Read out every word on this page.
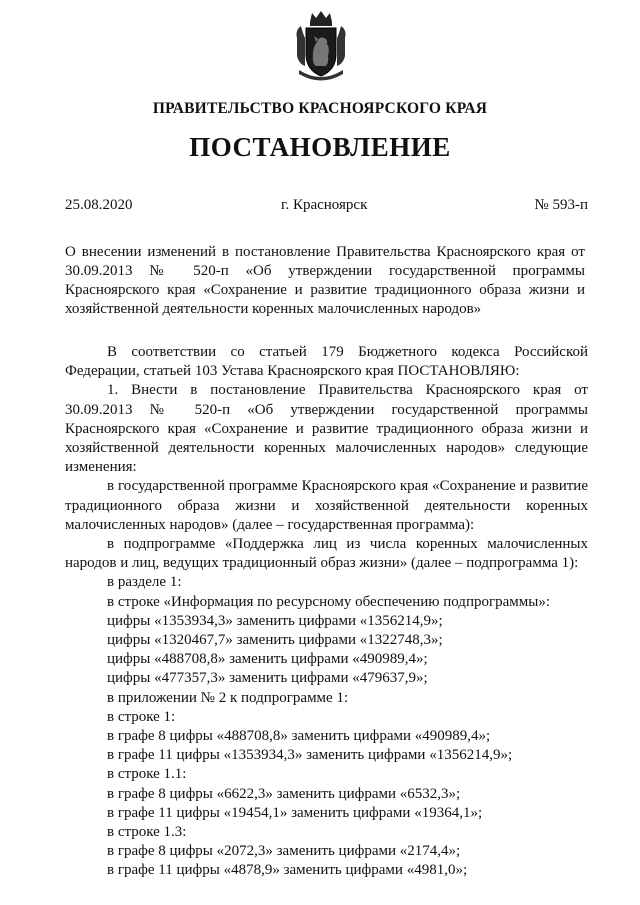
ПРАВИТЕЛЬСТВО КРАСНОЯРСКОГО КРАЯ
ПОСТАНОВЛЕНИЕ
25.08.2020	г. Красноярск	№ 593-п
О внесении изменений в постановление Правительства Красноярского края от 30.09.2013 № 520-п «Об утверждении государственной программы Красноярского края «Сохранение и развитие традиционного образа жизни и хозяйственной деятельности коренных малочисленных народов»

В соответствии со статьей 179 Бюджетного кодекса Российской Федерации, статьей 103 Устава Красноярского края ПОСТАНОВЛЯЮ:

1. Внести в постановление Правительства Красноярского края от 30.09.2013 № 520-п «Об утверждении государственной программы Красноярского края «Сохранение и развитие традиционного образа жизни и хозяйственной деятельности коренных малочисленных народов» следующие изменения:

в государственной программе Красноярского края «Сохранение и развитие традиционного образа жизни и хозяйственной деятельности коренных малочисленных народов» (далее – государственная программа):

в подпрограмме «Поддержка лиц из числа коренных малочисленных народов и лиц, ведущих традиционный образ жизни» (далее – подпрограмма 1):

в разделе 1:
в строке «Информация по ресурсному обеспечению подпрограммы»:
цифры «1353934,3» заменить цифрами «1356214,9»;
цифры «1320467,7» заменить цифрами «1322748,3»;
цифры «488708,8» заменить цифрами «490989,4»;
цифры «477357,3» заменить цифрами «479637,9»;
в приложении № 2 к подпрограмме 1:
в строке 1:
в графе 8 цифры «488708,8» заменить цифрами «490989,4»;
в графе 11 цифры «1353934,3» заменить цифрами «1356214,9»;
в строке 1.1:
в графе 8 цифры «6622,3» заменить цифрами «6532,3»;
в графе 11 цифры «19454,1» заменить цифрами «19364,1»;
в строке 1.3:
в графе 8 цифры «2072,3» заменить цифрами «2174,4»;
в графе 11 цифры «4878,9» заменить цифрами «4981,0»;
